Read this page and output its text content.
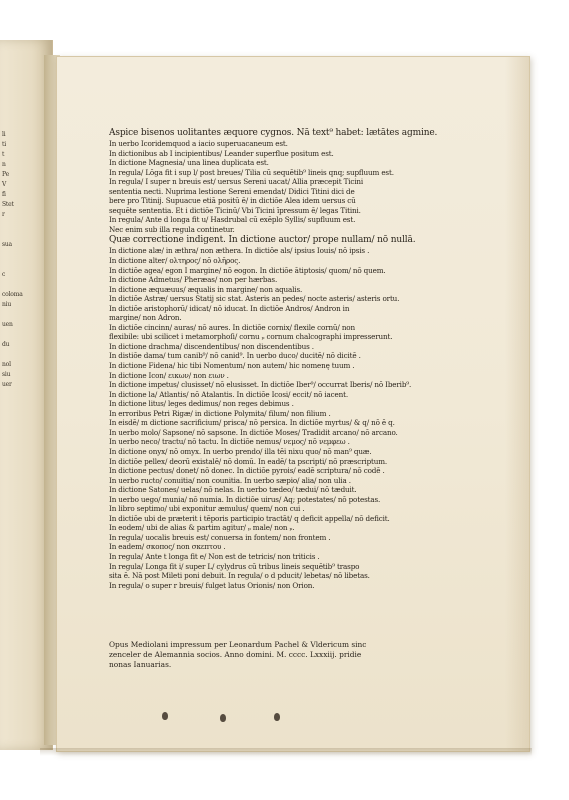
li
ti
t
n
Pe
V
fi
Stet
r

sua

c

coloma
niu

uen

du

nol
siu
uer
Aspice bisenos uolitantes æquore cygnos. Nā text⁹ habet: lætātes agmine.
In uerbo Icoridemquod a iacio superuacaneum est.
In dictionibus ab I incipientibus/ Leander superflue positum est.
In dictione Magnesia/ una linea duplicata est.
In regula/ Lōga fit i sup l/ post breues/ Tilia cū sequētib⁹ lineis qnq; supfluum est.
In regula/ I super n breuis est/ uersus Sereni uacat/ Allia præcepit Ticini
sententia necti. Nuprima lestione Sereni emendat/ Didici Titini dici de
bere pro Titinij. Supuacue etiā positū ē/ in dictiōe Alea idem uersus cū
sequēte sententia. Et i dictiōe Ticinū/ Vbi Ticini īpressum ē/ legas Titini.
In regula/ Ante d longa fit u/ Hasdrubal cū exēplo Syllis/ supfluum est.
Nec enim sub illa regula continetur.
Quæ correctione indigent. In dictione auctor/ prope nullam/ nō nullā.
In dictione alæ/ in æthra/ non æthera. In dictiōe als/ ipsius Iouis/ nō ipsis .
In dictione alter/ ολτηρος/ nō ολῆρος.
In dictiōe agea/ egon I margine/ nō eogon. In dictiōe ātiptosis/ quom/ nō quem.
In dictione Admetus/ Pheræas/ non per hærbas.
In dictione æquæuus/ æqualis in margine/ non aqualis.
In dictiōe Astræ/ uersus Statij sic stat. Asteris an pedes/ nocte asteris/ asteris ortu.
In dictiōe aristophorū/ idicat/ nō iducat. In dictiōe Andros/ Andron in
margine/ non Adron.
In dictiōe cincinn/ auras/ nō aures. In dictiōe cornix/ flexile cornū/ non
flexibile: ubi scilicet i metamorphoſi/ cornu ₚ cornum chalcographi impresserunt.
In dictione drachma/ discendentibus/ non discendentibus .
In distiōe dama/ tum canib⁹/ nō canid⁹. In uerbo duco/ ducitē/ nō dicitē .
In dictione Fidena/ hic tibi Nomentum/ non autem/ hic nomenę tuum .
In dictione Icon/ εικων/ non ειων .
In dictione impetus/ clusisset/ nō elusisset. In dictiōe Iber⁹/ occurrat Iberis/ nō Iberib⁹.
In dictione la/ Atlantis/ nō Atalantis. In dictiōe Icosi/ eccit/ nō iacent.
In dictione litus/ leges dedimus/ non reges debimus .
In erroribus Petri Rigæ/ in dictione Polymita/ filum/ non filium .
In eisdē/ m dictione sacrificium/ prisca/ nō persica. In dictiōe myrtus/ & q/ nō ē q.
In uerbo molo/ Sapsone/ nō sapsone. In dictiōe Moses/ Tradidit arcano/ nō arcano.
In uerbo neco/ tractu/ nō tactu. In dictiōe nemus/ νεμος/ nō νεμφεω .
In dictione onyx/ nō omyx. In uerbo prendo/ illa tēi nixu quo/ nō man⁹ quæ.
In dictiōe pellex/ deorū existalē/ nō domū. In eadē/ ta pscripti/ nō præscriptum.
In dictione pectus/ donet/ nō donec. In dictiōe pyrois/ eadē scriptura/ nō codē .
In uerbo ructo/ conuitia/ non counitia. In uerbo sæpio/ alia/ non ulia .
In dictione Satones/ uelas/ nō nelas. In uerbo tædeo/ tædui/ nō tæduit.
In uerbo uego/ munia/ nō numia. In dictiōe uirus/ Aq; potestates/ nō potestas.
In libro septimo/ ubi exponitur æmulus/ quem/ non cui .
In dictiōe ubi de præterit i tēporis participio tractāt/ q deficit appella/ nō deficit.
In eodem/ ubi de alias & partim agitur/ ₚ male/ non ₚ.
In regula/ uocalis breuis est/ conuersa in fontem/ non frontem .
In eadem/ σκοπος/ non σκεπτου .
In regula/ Ante t longa fit e/ Non est de tetricis/ non triticis .
In regula/ Longa fit i/ super L/ cylydrus cū tribus lineis sequētib⁹ traspo
sita ē. Nā post Mileti poni debuit. In regula/ o d pducit/ lebetas/ nō libetas.
In regula/ o super r breuis/ fulget latus Orionis/ non Orion.
Opus Mediolani impressum per Leonardum Pachel & Vldericum sinc
zenceler de Alemannia socios. Anno domini. M. cccc. Lxxxiij. pridie
nonas Ianuarias.
